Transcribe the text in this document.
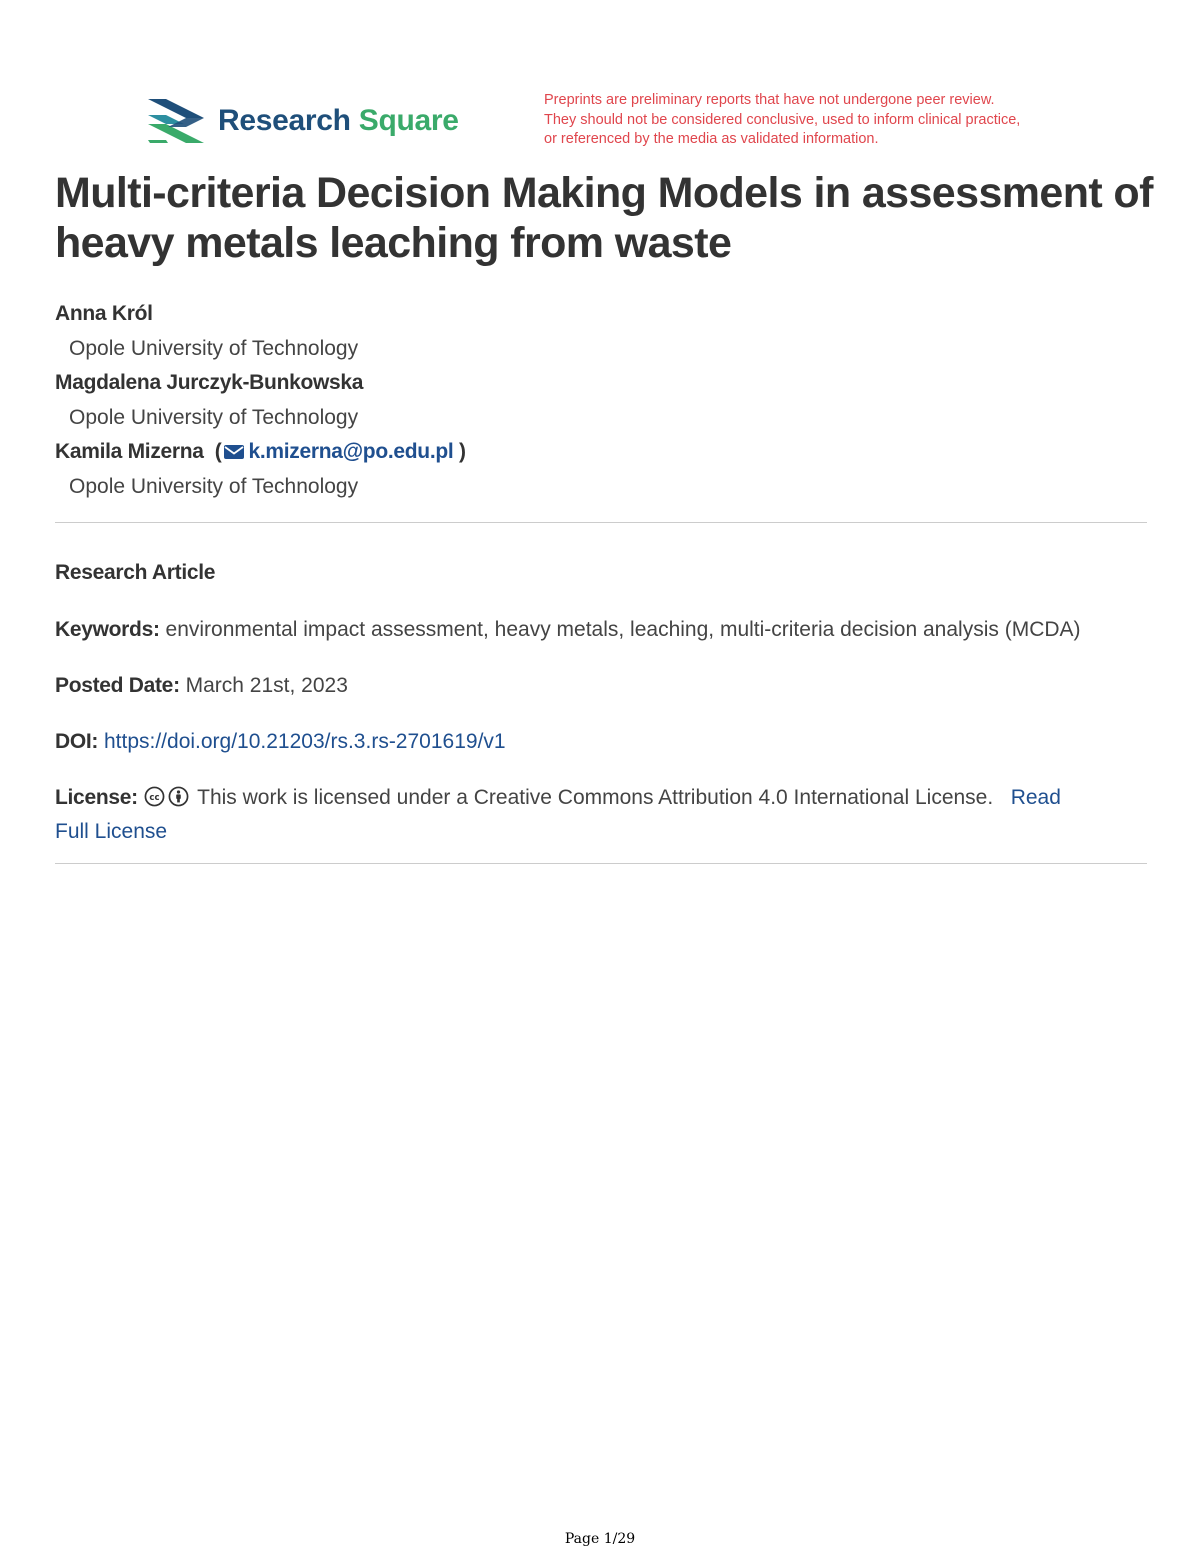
Research Square
Preprints are preliminary reports that have not undergone peer review.
They should not be considered conclusive, used to inform clinical practice,
or referenced by the media as validated information.
Multi-criteria Decision Making Models in assessment of heavy metals leaching from waste
Anna Król
Opole University of Technology
Magdalena Jurczyk-Bunkowska
Opole University of Technology
Kamila Mizerna  ( k.mizerna@po.edu.pl )
Opole University of Technology
Research Article
Keywords: environmental impact assessment, heavy metals, leaching, multi-criteria decision analysis (MCDA)
Posted Date: March 21st, 2023
DOI: https://doi.org/10.21203/rs.3.rs-2701619/v1
License: cc This work is licensed under a Creative Commons Attribution 4.0 International License. Read
Full License
Page 1/29
